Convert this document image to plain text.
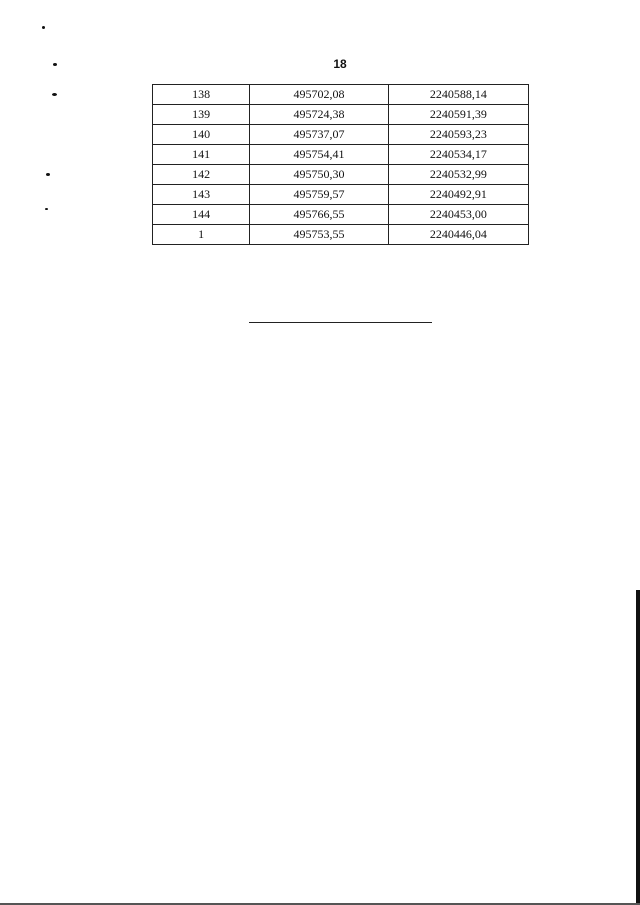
18
138	495702,08	2240588,14
139	495724,38	2240591,39
140	495737,07	2240593,23
141	495754,41	2240534,17
142	495750,30	2240532,99
143	495759,57	2240492,91
144	495766,55	2240453,00
1	495753,55	2240446,04
